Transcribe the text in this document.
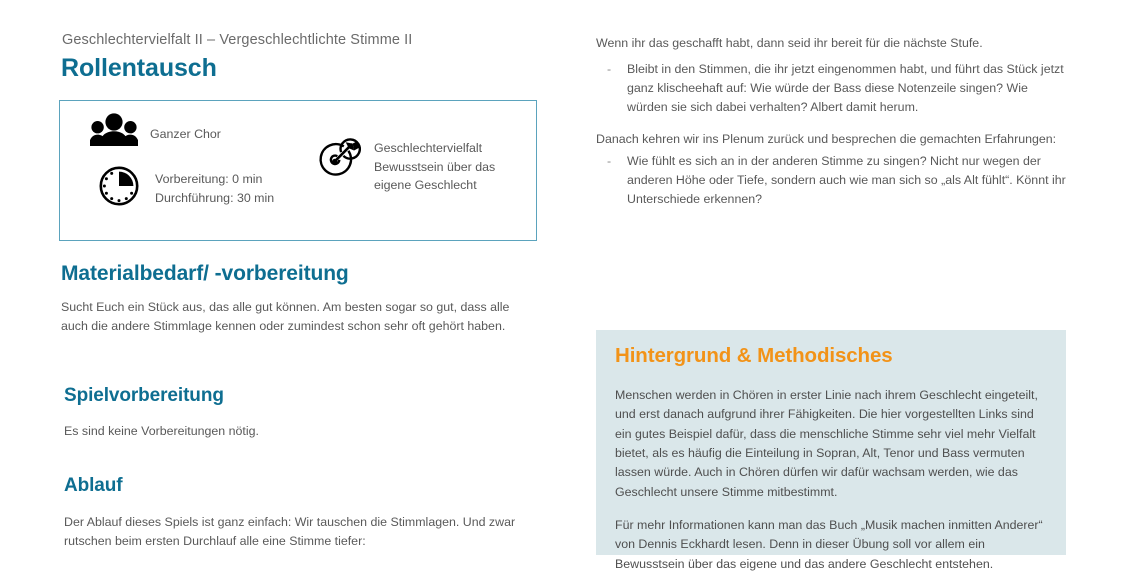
Geschlechtervielfalt II – Vergeschlechtlichte Stimme II
Rollentausch
Ganzer Chor
Vorbereitung: 0 min
Durchführung: 30 min
Geschlechtervielfalt
Bewusstsein über das
eigene Geschlecht
Materialbedarf/ -vorbereitung

Sucht Euch ein Stück aus, das alle gut können. Am besten sogar so gut, dass alle auch die andere Stimmlage kennen oder zumindest schon sehr oft gehört haben.

Spielvorbereitung

Es sind keine Vorbereitungen nötig.

Ablauf

Der Ablauf dieses Spiels ist ganz einfach: Wir tauschen die Stimmlagen. Und zwar rutschen beim ersten Durchlauf alle eine Stimme tiefer:

Wenn ihr das geschafft habt, dann seid ihr bereit für die nächste Stufe.

- Bleibt in den Stimmen, die ihr jetzt eingenommen habt, und führt das Stück jetzt ganz klischeehaft auf: Wie würde der Bass diese Notenzeile singen? Wie würden sie sich dabei verhalten? Albert damit herum.

Danach kehren wir ins Plenum zurück und besprechen die gemachten Erfahrungen:

- Wie fühlt es sich an in der anderen Stimme zu singen? Nicht nur wegen der anderen Höhe oder Tiefe, sondern auch wie man sich so „als Alt fühlt“. Könnt ihr Unterschiede erkennen?
Hintergrund & Methodisches

Menschen werden in Chören in erster Linie nach ihrem Geschlecht eingeteilt, und erst danach aufgrund ihrer Fähigkeiten. Die hier vorgestellten Links sind ein gutes Beispiel dafür, dass die menschliche Stimme sehr viel mehr Vielfalt bietet, als es häufig die Einteilung in Sopran, Alt, Tenor und Bass vermuten lassen würde. Auch in Chören dürfen wir dafür wachsam werden, wie das Geschlecht unsere Stimme mitbestimmt.

Für mehr Informationen kann man das Buch „Musik machen inmitten Anderer“ von Dennis Eckhardt lesen. Denn in dieser Übung soll vor allem ein Bewusstsein über das eigene und das andere Geschlecht entstehen.
